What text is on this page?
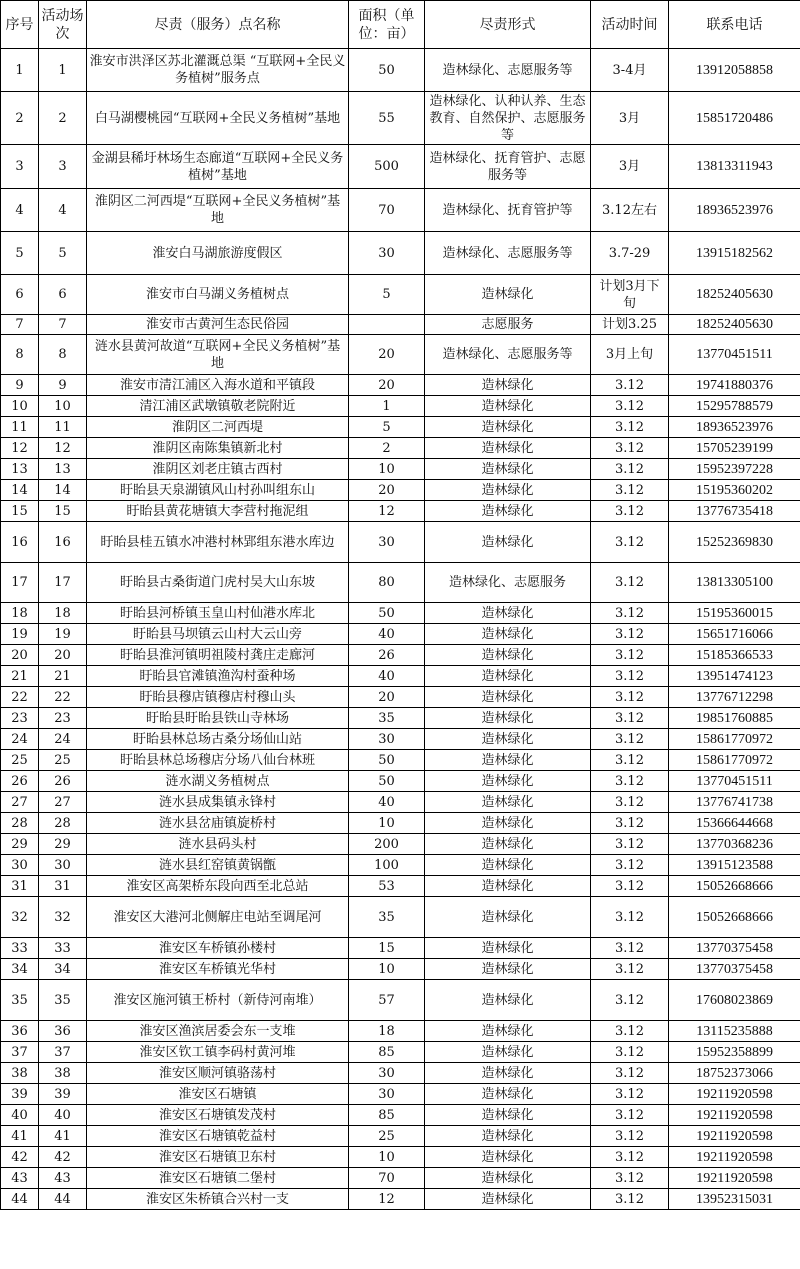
序号	活动场次	尽责（服务）点名称	面积（单位：亩）	尽责形式	活动时间	联系电话
1	1	淮安市洪泽区苏北灌溉总渠 “互联网+全民义务植树”服务点	50	造林绿化、志愿服务等	3-4月	13912058858
2	2	白马湖樱桃园“互联网+全民义务植树”基地	55	造林绿化、认种认养、生态教育、自然保护、志愿服务等	3月	15851720486
3	3	金湖县稀圩林场生态廊道“互联网+全民义务植树”基地	500	造林绿化、抚育管护、志愿服务等	3月	13813311943
4	4	淮阴区二河西堤“互联网+全民义务植树”基地	70	造林绿化、抚育管护等	3.12左右	18936523976
5	5	淮安白马湖旅游度假区	30	造林绿化、志愿服务等	3.7-29	13915182562
6	6	淮安市白马湖义务植树点	5	造林绿化	计划3月下旬	18252405630
7	7	淮安市古黄河生态民俗园		志愿服务	计划3.25	18252405630
8	8	涟水县黄河故道“互联网+全民义务植树”基地	20	造林绿化、志愿服务等	3月上旬	13770451511
9	9	淮安市清江浦区入海水道和平镇段	20	造林绿化	3.12	19741880376
10	10	清江浦区武墩镇敬老院附近	1	造林绿化	3.12	15295788579
11	11	淮阴区二河西堤	5	造林绿化	3.12	18936523976
12	12	淮阴区南陈集镇新北村	2	造林绿化	3.12	15705239199
13	13	淮阴区刘老庄镇古西村	10	造林绿化	3.12	15952397228
14	14	盱眙县天泉湖镇风山村孙叫组东山	20	造林绿化	3.12	15195360202
15	15	盱眙县黄花塘镇大李营村拖泥组	12	造林绿化	3.12	13776735418
16	16	盱眙县桂五镇水冲港村林郢组东港水库边	30	造林绿化	3.12	15252369830
17	17	盱眙县古桑街道门虎村吴大山东坡	80	造林绿化、志愿服务	3.12	13813305100
18	18	盱眙县河桥镇玉皇山村仙港水库北	50	造林绿化	3.12	15195360015
19	19	盱眙县马坝镇云山村大云山旁	40	造林绿化	3.12	15651716066
20	20	盱眙县淮河镇明祖陵村龚庄走廊河	26	造林绿化	3.12	15185366533
21	21	盱眙县官滩镇渔沟村蚕种场	40	造林绿化	3.12	13951474123
22	22	盱眙县穆店镇穆店村穆山头	20	造林绿化	3.12	13776712298
23	23	盱眙县盱眙县铁山寺林场	35	造林绿化	3.12	19851760885
24	24	盱眙县林总场古桑分场仙山站	30	造林绿化	3.12	15861770972
25	25	盱眙县林总场穆店分场八仙台林班	50	造林绿化	3.12	15861770972
26	26	涟水湖义务植树点	50	造林绿化	3.12	13770451511
27	27	涟水县成集镇永锋村	40	造林绿化	3.12	13776741738
28	28	涟水县岔庙镇旋桥村	10	造林绿化	3.12	15366644668
29	29	涟水县码头村	200	造林绿化	3.12	13770368236
30	30	涟水县红窑镇黄锅甑	100	造林绿化	3.12	13915123588
31	31	淮安区高架桥东段向西至北总站	53	造林绿化	3.12	15052668666
32	32	淮安区大港河北侧解庄电站至调尾河	35	造林绿化	3.12	15052668666
33	33	淮安区车桥镇孙楼村	15	造林绿化	3.12	13770375458
34	34	淮安区车桥镇光华村	10	造林绿化	3.12	13770375458
35	35	淮安区施河镇王桥村（新侍河南堆）	57	造林绿化	3.12	17608023869
36	36	淮安区渔滨居委会东一支堆	18	造林绿化	3.12	13115235888
37	37	淮安区钦工镇李码村黄河堆	85	造林绿化	3.12	15952358899
38	38	淮安区顺河镇骆荡村	30	造林绿化	3.12	18752373066
39	39	淮安区石塘镇	30	造林绿化	3.12	19211920598
40	40	淮安区石塘镇发茂村	85	造林绿化	3.12	19211920598
41	41	淮安区石塘镇乾益村	25	造林绿化	3.12	19211920598
42	42	淮安区石塘镇卫东村	10	造林绿化	3.12	19211920598
43	43	淮安区石塘镇二堡村	70	造林绿化	3.12	19211920598
44	44	淮安区朱桥镇合兴村一支	12	造林绿化	3.12	13952315031
